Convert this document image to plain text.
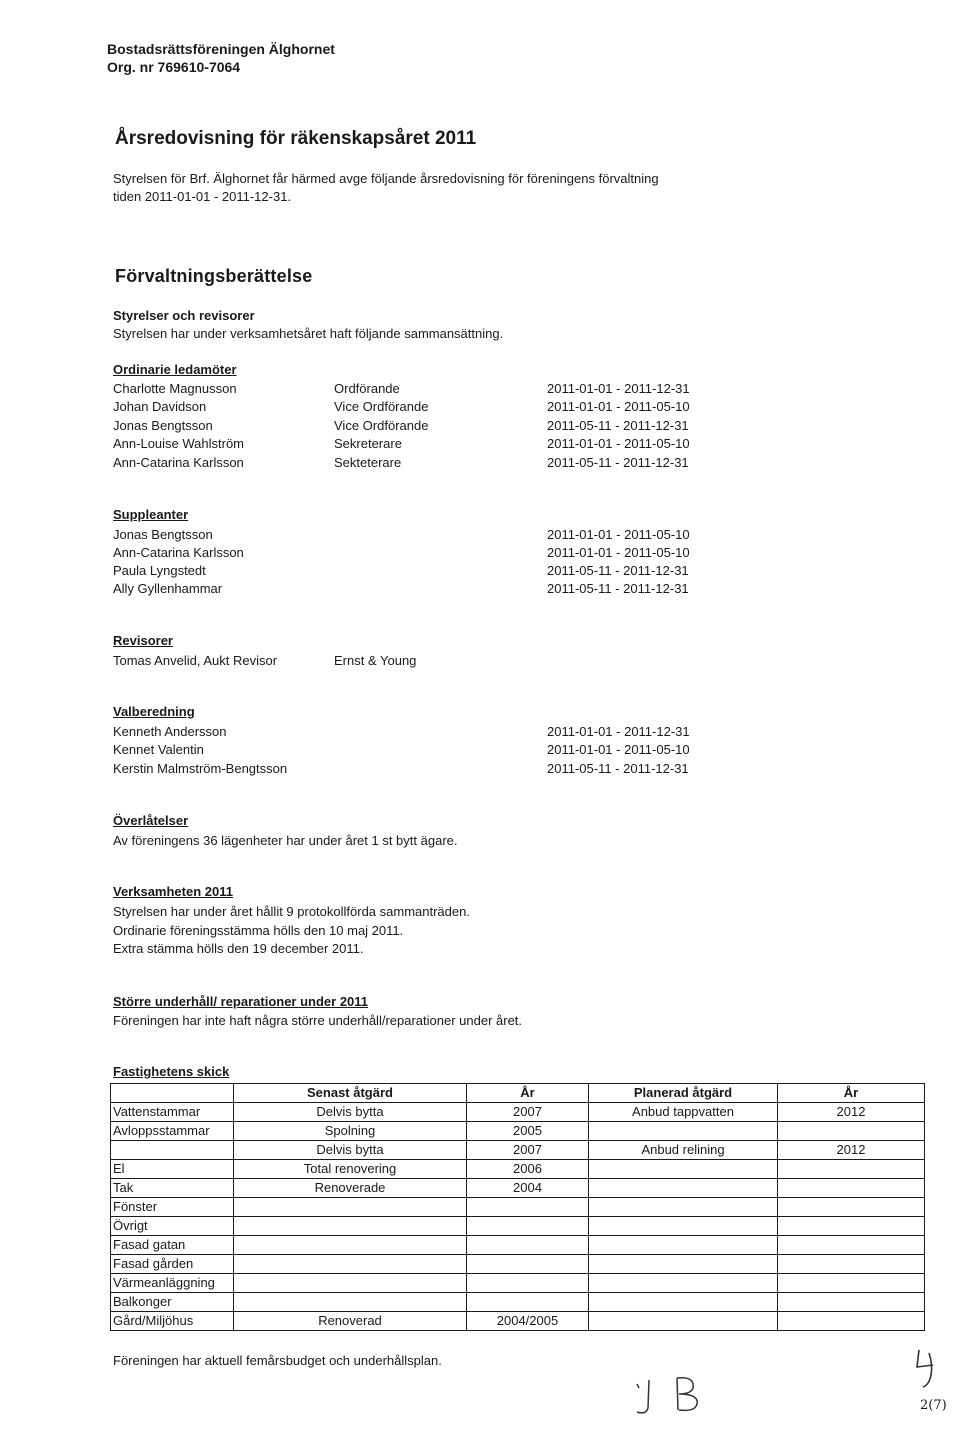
Bostadsrättsföreningen Älghornet
Org. nr 769610-7064
Årsredovisning för räkenskapsåret 2011
Styrelsen för Brf. Älghornet får härmed avge följande årsredovisning för föreningens förvaltning
tiden 2011-01-01 - 2011-12-31.
Förvaltningsberättelse
Styrelser och revisorer
Styrelsen har under verksamhetsåret haft följande sammansättning.
Ordinarie ledamöter
Charlotte Magnusson	Ordförande	2011-01-01 - 2011-12-31
Johan Davidson	Vice Ordförande	2011-01-01 - 2011-05-10
Jonas Bengtsson	Vice Ordförande	2011-05-11 - 2011-12-31
Ann-Louise Wahlström	Sekreterare	2011-01-01 - 2011-05-10
Ann-Catarina Karlsson	Sekteterare	2011-05-11 - 2011-12-31
Suppleanter
Jonas Bengtsson	2011-01-01 - 2011-05-10
Ann-Catarina Karlsson	2011-01-01 - 2011-05-10
Paula Lyngstedt	2011-05-11 - 2011-12-31
Ally Gyllenhammar	2011-05-11 - 2011-12-31
Revisorer
Tomas Anvelid, Aukt Revisor	Ernst & Young
Valberedning
Kenneth Andersson	2011-01-01 - 2011-12-31
Kennet Valentin	2011-01-01 - 2011-05-10
Kerstin Malmström-Bengtsson	2011-05-11 - 2011-12-31
Överlåtelser
Av föreningens 36 lägenheter har under året 1 st bytt ägare.
Verksamheten 2011
Styrelsen har under året hållit 9 protokollförda sammanträden.
Ordinarie föreningsstämma hölls den 10 maj 2011.
Extra stämma hölls den 19 december 2011.
Större underhåll/ reparationer under 2011
Föreningen har inte haft några större underhåll/reparationer under året.
Fastighetens skick
	Senast åtgärd	År	Planerad åtgärd	År
Vattenstammar	Delvis bytta	2007	Anbud tappvatten	2012
Avloppsstammar	Spolning	2005		
	Delvis bytta	2007	Anbud relining	2012
El	Total renovering	2006		
Tak	Renoverade	2004		
Fönster				
Övrigt				
Fasad gatan				
Fasad gården				
Värmeanläggning				
Balkonger				
Gård/Miljöhus	Renoverad	2004/2005		
Föreningen har aktuell femårsbudget och underhållsplan.
2(7)
